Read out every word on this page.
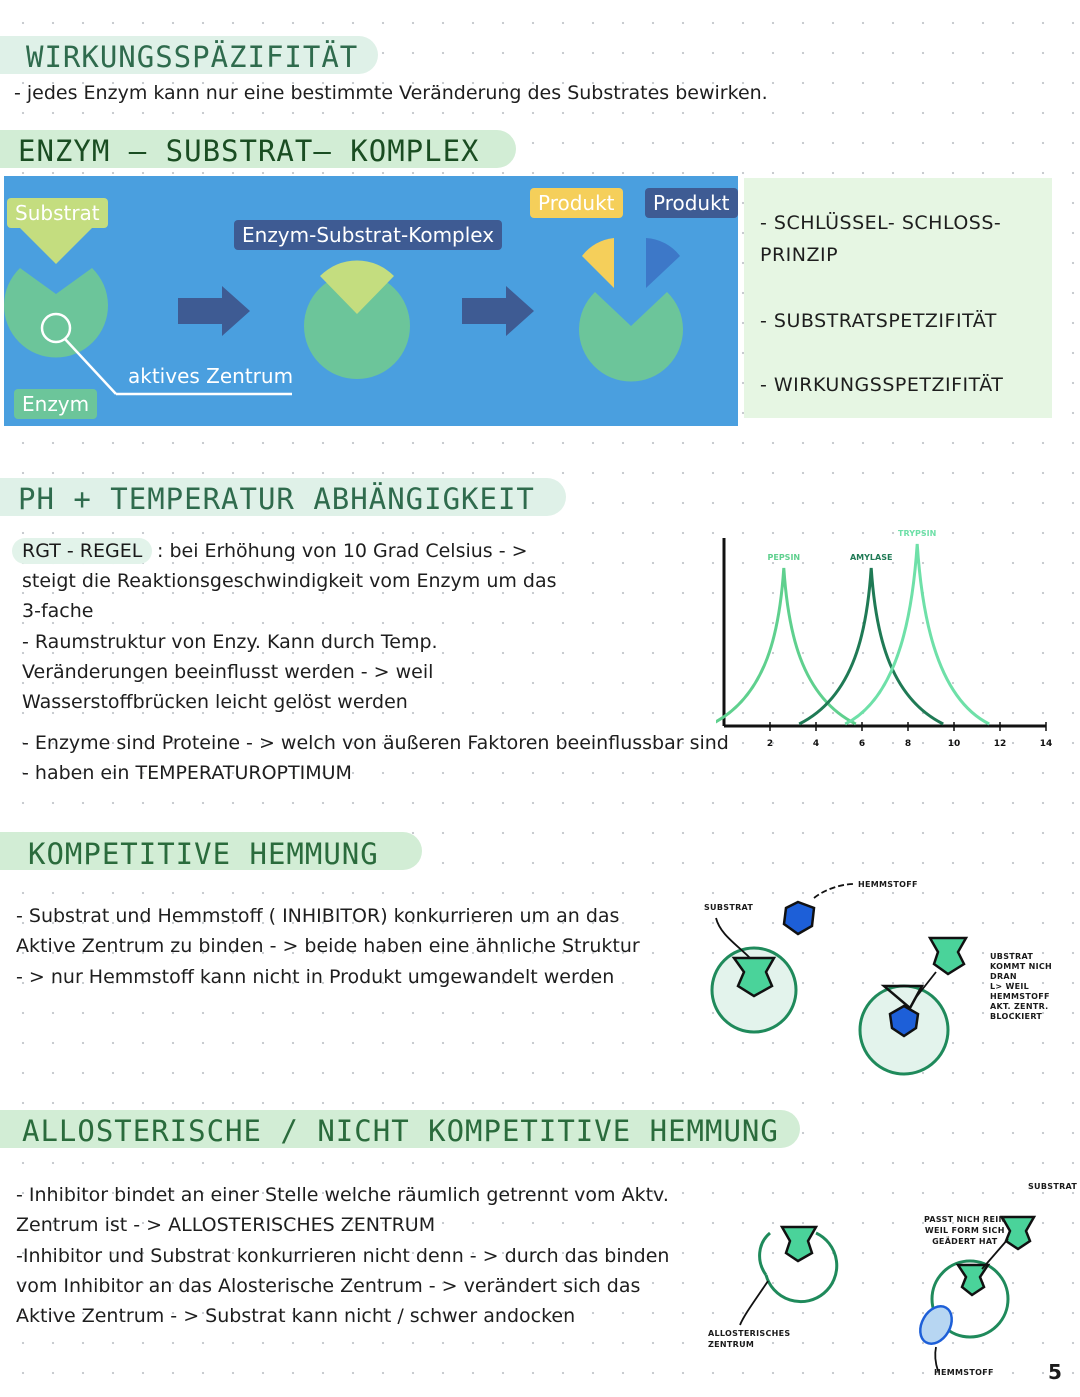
WIRKUNGSSPÄZIFITÄT
- jedes Enzym kann nur eine bestimmte Veränderung des Substrates bewirken.
ENZYM – SUBSTRAT– KOMPLEX
Substrat
Enzym-Substrat-Komplex
Produkt	Produkt
aktives Zentrum
Enzym
- SCHLÜSSEL- SCHLOSS-
PRINZIP
- SUBSTRATSPETZIFITÄT
- WIRKUNGSSPETZIFITÄT
PH + TEMPERATUR ABHÄNGIGKEIT
RGT - REGEL : bei Erhöhung von 10 Grad Celsius - >
steigt die Reaktionsgeschwindigkeit vom Enzym um das
3-fache
- Raumstruktur von Enzy. Kann durch Temp.
Veränderungen beeinflusst werden - > weil
Wasserstoffbrücken leicht gelöst werden
- Enzyme sind Proteine - > welch von äußeren Faktoren beeinflussbar sind
- haben ein TEMPERATUROPTIMUM
2	4	6	8	10	12	14
PEPSIN	AMYLASE
TRYPSIN
KOMPETITIVE HEMMUNG
- Substrat und Hemmstoff ( INHIBITOR) konkurrieren um an das
Aktive Zentrum zu binden - > beide haben eine ähnliche Struktur
- > nur Hemmstoff kann nicht in Produkt umgewandelt werden
SUBSTRAT
HEMMSTOFF
UBSTRAT
KOMMT NICH
DRAN
L> WEIL
HEMMSTOFF
AKT. ZENTR.
BLOCKIERT
ALLOSTERISCHE / NICHT KOMPETITIVE HEMMUNG
- Inhibitor bindet an einer Stelle welche räumlich getrennt vom Aktv.
Zentrum ist - > ALLOSTERISCHES ZENTRUM
-Inhibitor und Substrat konkurrieren nicht denn - > durch das binden
vom Inhibitor an das Alosterische Zentrum - > verändert sich das
Aktive Zentrum - > Substrat kann nicht / schwer andocken
ALLOSTERISCHES
ZENTRUM
SUBSTRAT
PASST NICH REIN
WEIL FORM SICH
GEÄDERT HAT
HEMMSTOFF	5
